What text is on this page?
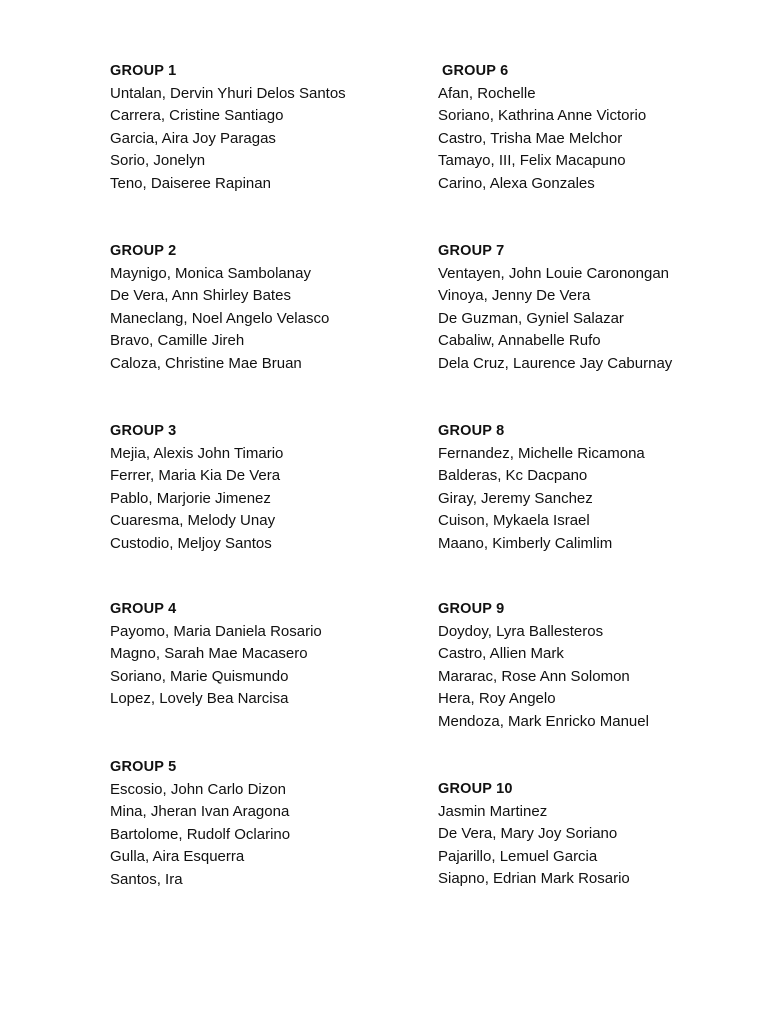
GROUP 1
Untalan, Dervin Yhuri Delos Santos
Carrera, Cristine Santiago
Garcia, Aira Joy Paragas
Sorio, Jonelyn
Teno, Daiseree Rapinan
GROUP 2
Maynigo, Monica Sambolanay
De Vera, Ann Shirley Bates
Maneclang, Noel Angelo Velasco
Bravo, Camille Jireh
Caloza, Christine Mae Bruan
GROUP 3
Mejia, Alexis John Timario
Ferrer, Maria Kia De Vera
Pablo, Marjorie Jimenez
Cuaresma, Melody Unay
Custodio, Meljoy Santos
GROUP 4
Payomo, Maria Daniela Rosario
Magno, Sarah Mae Macasero
Soriano, Marie Quismundo
Lopez, Lovely Bea Narcisa
GROUP 5
Escosio, John Carlo Dizon
Mina, Jheran Ivan Aragona
Bartolome, Rudolf Oclarino
Gulla, Aira Esquerra
Santos, Ira
GROUP 6
Afan, Rochelle
Soriano, Kathrina Anne Victorio
Castro, Trisha Mae Melchor
Tamayo, III, Felix Macapuno
Carino, Alexa Gonzales
GROUP 7
Ventayen, John Louie Caronongan
Vinoya, Jenny De Vera
De Guzman, Gyniel Salazar
Cabaliw, Annabelle Rufo
Dela Cruz, Laurence Jay Caburnay
GROUP 8
Fernandez, Michelle Ricamona
Balderas, Kc Dacpano
Giray, Jeremy Sanchez
Cuison, Mykaela Israel
Maano, Kimberly Calimlim
GROUP 9
Doydoy, Lyra Ballesteros
Castro, Allien Mark
Mararac, Rose Ann Solomon
Hera, Roy Angelo
Mendoza, Mark Enricko Manuel
GROUP 10
Jasmin Martinez
De Vera, Mary Joy Soriano
Pajarillo, Lemuel Garcia
Siapno, Edrian Mark Rosario
